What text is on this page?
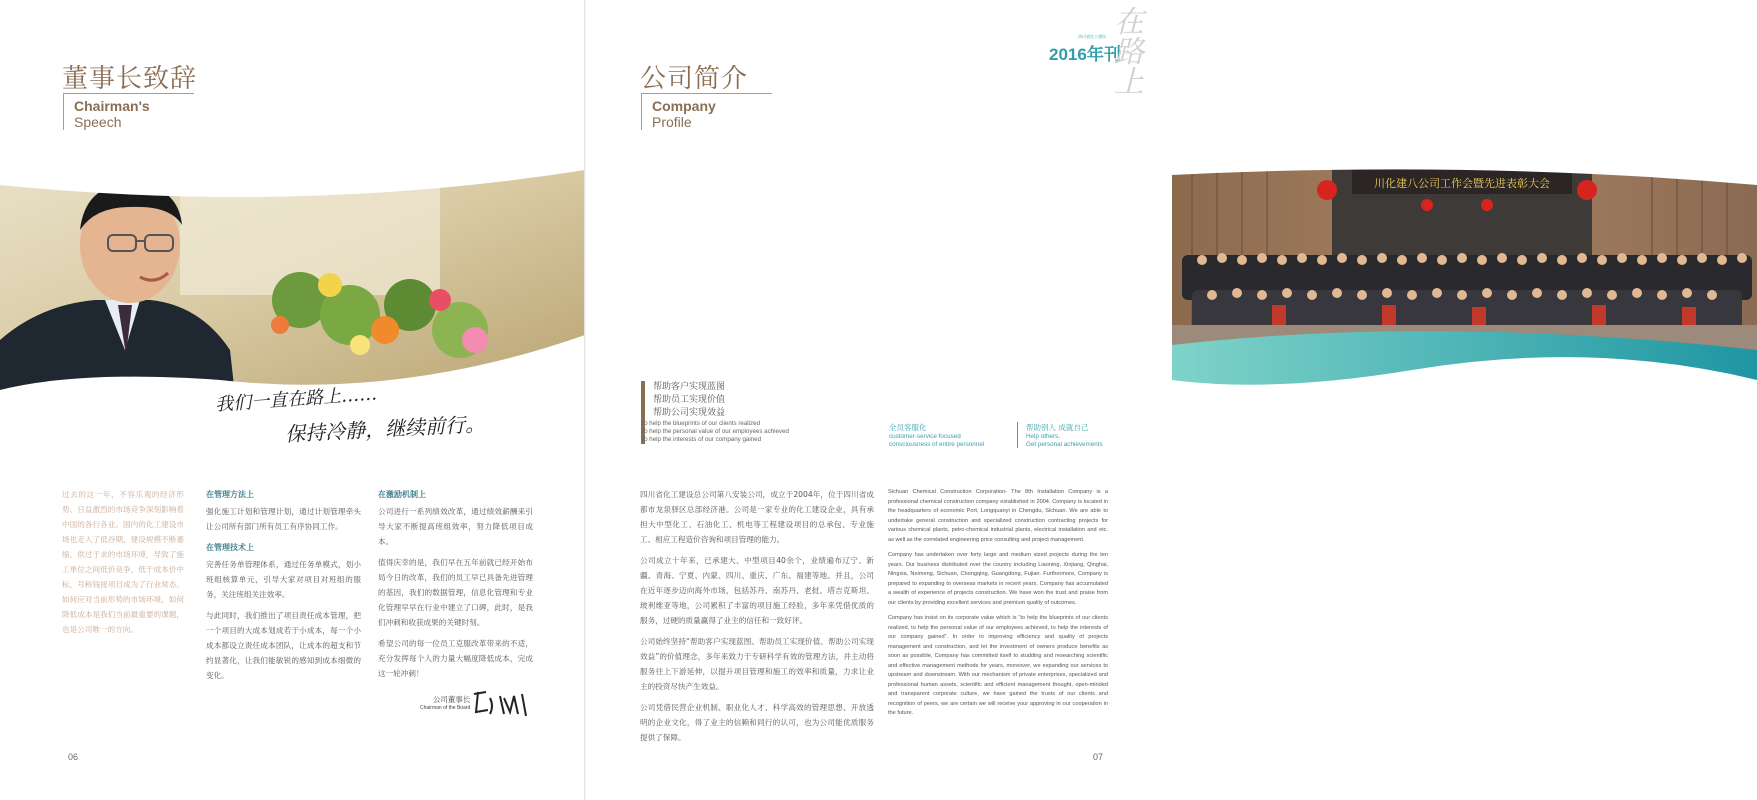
董事长致辞
Chairman's
Speech
我们一直在路上……
保持冷静，继续前行。

过去的这一年，不容乐观的经济形势、日益激烈的市场竞争深刻影响着中国的各行各业。国内的化工建设市场也走入了低谷期，建设规模不断萎缩，供过于求的市场环境，导致了施工单位之间低价竞争，低于成本价中标，号称钱接项目成为了行业常态。如何应对当前形势的市场环境，如何降低成本是我们当前最重要的课题，也是公司唯一的方向。

在管理方法上

强化施工计划和管理计划，通过计划管理牵头让公司所有部门所有员工有序协同工作。

在管理技术上

完善任务单管理体系，通过任务单模式，划小班组核算单元，引导大家对项目对班组的服务，关注班组关注效率。

与此同时，我们推出了项目责任成本管理，把一个项目的大成本划成若干小成本，每一个小成本都设立责任成本团队，让成本的超支和节约显著化，让我们能敏锐的感知到成本细微的变化。

在激励机制上

公司进行一系列绩效改革，通过绩效薪酬来引导大家不断提高班组效率，努力降低项目成本。

值得庆幸的是，我们早在五年前就已经开始布局今日的改革，我们的员工早已具备先进管理的基因，我们的数据管理，信息化管理和专业化管理早早在行业中建立了口碑，此时，是我们冲刺和收获成果的关键时刻。

希望公司的每一位员工克服改革带来的不适，充分发挥每个人的力量大幅度降低成本，完成这一轮冲刺！

公司董事长
Chairman of the Board
06
公司简介
Company
Profile
2016年刊
四川省化工建设 在路上
川化建八公司工作会暨先进表彰大会
帮助客户实现蓝图
帮助员工实现价值
帮助公司实现效益
To help the blueprints of our clients realized
To help the personal value of our employees achieved
To help the interests of our company gained
全员客服化
customer-service focused
consciousness of entire personnel
帮助别人 成就自己
Help others,
Get personal achievements

四川省化工建设总公司第八安装公司，成立于2004年，位于四川省成都市龙泉驿区总部经济港。公司是一家专业的化工建设企业，具有承担大中型化工、石油化工、机电等工程建设项目的总承包、专业施工、相应工程造价咨询和项目管理的能力。

公司成立十年来，已承建大、中型项目40余个，业绩遍布辽宁、新疆、青海、宁夏、内蒙、四川、重庆、广东、福建等地。并且，公司在近年逐步迈向海外市场，包括苏丹、南苏丹、老挝、塔吉克斯坦、玻利维亚等地，公司累积了丰富的项目施工经验，多年来凭借优质的服务，过硬的质量赢得了业主的信任和一致好评。

公司始终坚持“帮助客户实现蓝图、帮助员工实现价值、帮助公司实现效益”的价值理念，多年来致力于专研科学有效的管理方法，并主动将服务往上下游延伸，以提升项目管理和施工的效率和质量，力求让业主的投资尽快产生效益。

公司凭借民营企业机制、职业化人才、科学高效的管理思想、开放透明的企业文化，得了业主的信赖和同行的认可，也为公司能优质服务提供了保障。

Sichuan Chemical Construction Corporation- The 8th Installation Company is a professional chemical construction company established in 2004. Company is located in the headquarters of economic Port, Longquanyi in Chengdu, Sichuan. We are able to undertake general construction and specialized construction contracting projects for various chemical plants, petro-chemical industrial plants, electrical installation and etc. as well as the correlated engineering price consulting and project management.

Company has undertaken over forty large and medium sized projects during the ten years. Our business distributed over the country including Liaoning, Xinjiang, Qinghai, Ningxia, Neimeng, Sichuan, Chongqing, Guangdong, Fujian. Furthermore, Company is prepared to expanding to overseas markets in recent years. Company has accumulated a wealth of experience of projects construction. We have won the trust and praise from our clients by providing excellent services and premium quality of outcomes.

Company has insist on its corporate value which is “to help the blueprints of our clients realized, to help the personal value of our employees achieved, to help the interests of our company gained”. In order to improving efficiency and quality of projects management and construction, and let the investment of owners produce benefits as soon as possible, Company has committed itself to studding and researching scientific and effective management methods for years, moreover, we expanding our services to upstream and downstream. With our mechanism of private enterprises, specialized and professional human assets, scientific and efficient management thought, open-minded and transparent corporate culture, we have gained the trusts of our clients and recognition of peers, we are certain we will receive your approving in our cooperation in the future.

07
